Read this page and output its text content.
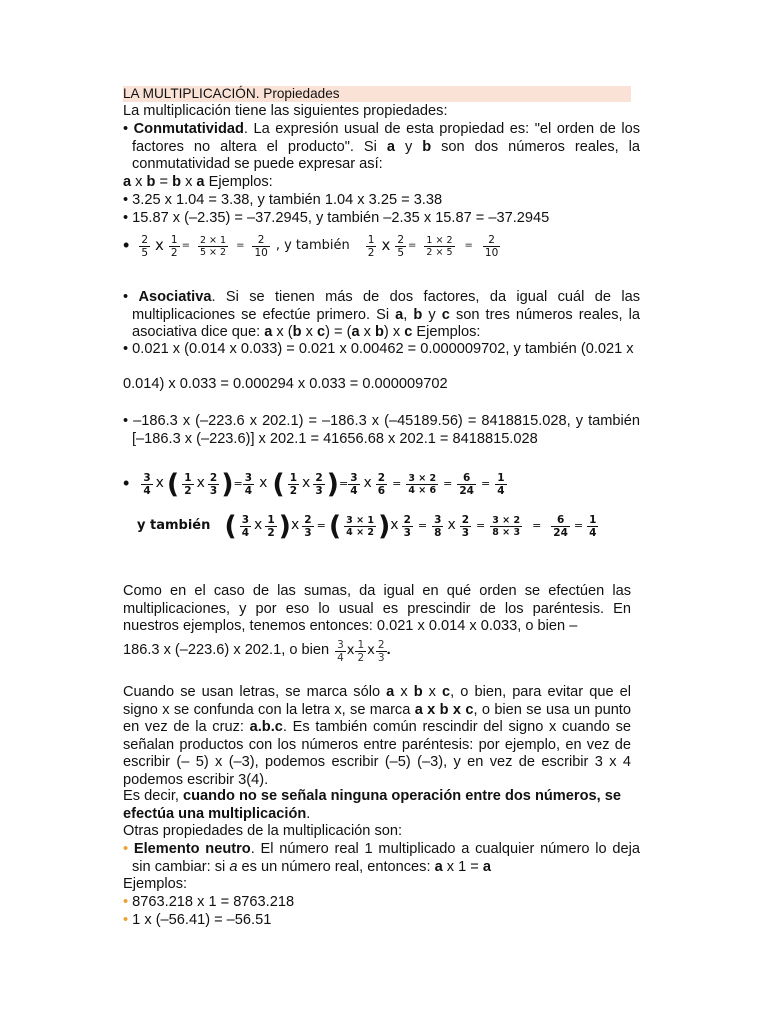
LA MULTIPLICACIÓN. Propiedades
La multiplicación tiene las siguientes propiedades:
• Conmutatividad. La expresión usual de esta propiedad es: "el orden de los factores no altera el producto". Si a y b son dos números reales, la conmutatividad se puede expresar así:
a x b = b x a Ejemplos:
• 3.25 x 1.04 = 3.38, y también 1.04 x 3.25 = 3.38
• 15.87 x (–2.35) = –37.2945, y también –2.35 x 15.87 = –37.2945
• $\frac{2}{5}$ x $\frac{1}{2} = \frac{2 \times 1}{5 \times 2} = \frac{2}{10}$ , y también $\frac{1}{2}$ x $\frac{2}{5} = \frac{1 \times 2}{2 \times 5} = \frac{2}{10}$
• Asociativa. Si se tienen más de dos factores, da igual cuál de las multiplicaciones se efectúe primero. Si a, b y c son tres números reales, la asociativa dice que: a x (b x c) = (a x b) x c Ejemplos:
• 0.021 x (0.014 x 0.033) = 0.021 x 0.00462 = 0.000009702, y también (0.021 x
0.014) x 0.033 = 0.000294 x 0.033 = 0.000009702
• –186.3 x (–223.6 x 202.1) = –186.3 x (–45189.56) = 8418815.028, y también [–186.3 x (–223.6)] x 202.1 = 41656.68 x 202.1 = 8418815.028
• $\frac{3}{4}$ x ( $\frac{1}{2}$ x $\frac{2}{3}$ ) = $\frac{3}{4}$ x ( $\frac{1}{2}$ x $\frac{2}{3}$ ) = $\frac{3}{4}$ x $\frac{2}{6} = \frac{3 \times 2}{4 \times 6} = \frac{6}{24} = \frac{1}{4}$
y también ( $\frac{3}{4}$ x $\frac{1}{2}$ ) x $\frac{2}{3}$ = ( $\frac{3 \times 1}{4 \times 2}$ ) x $\frac{2}{3} = \frac{3}{8}$ x $\frac{2}{3} = \frac{3 \times 2}{8 \times 3} = \frac{6}{24} = \frac{1}{4}$
Como en el caso de las sumas, da igual en qué orden se efectúen las multiplicaciones, y por eso lo usual es prescindir de los paréntesis. En nuestros ejemplos, tenemos entonces: 0.021 x 0.014 x 0.033, o bien –
186.3 x (–223.6) x 202.1, o bien $\frac{3}{4}$ x $\frac{1}{2}$ x $\frac{2}{3}$ .
Cuando se usan letras, se marca sólo a x b x c, o bien, para evitar que el signo x se confunda con la letra x, se marca a x b x c, o bien se usa un punto en vez de la cruz: a.b.c. Es también común rescindir del signo x cuando se señalan productos con los números entre paréntesis: por ejemplo, en vez de escribir (– 5) x (–3), podemos escribir (–5) (–3), y en vez de escribir 3 x 4 podemos escribir 3(4).
Es decir, cuando no se señala ninguna operación entre dos números, se efectúa una multiplicación.
Otras propiedades de la multiplicación son:
• Elemento neutro. El número real 1 multiplicado a cualquier número lo deja sin cambiar: si a es un número real, entonces: a x 1 = a
Ejemplos:
• 8763.218 x 1 = 8763.218
• 1 x (–56.41) = –56.51
